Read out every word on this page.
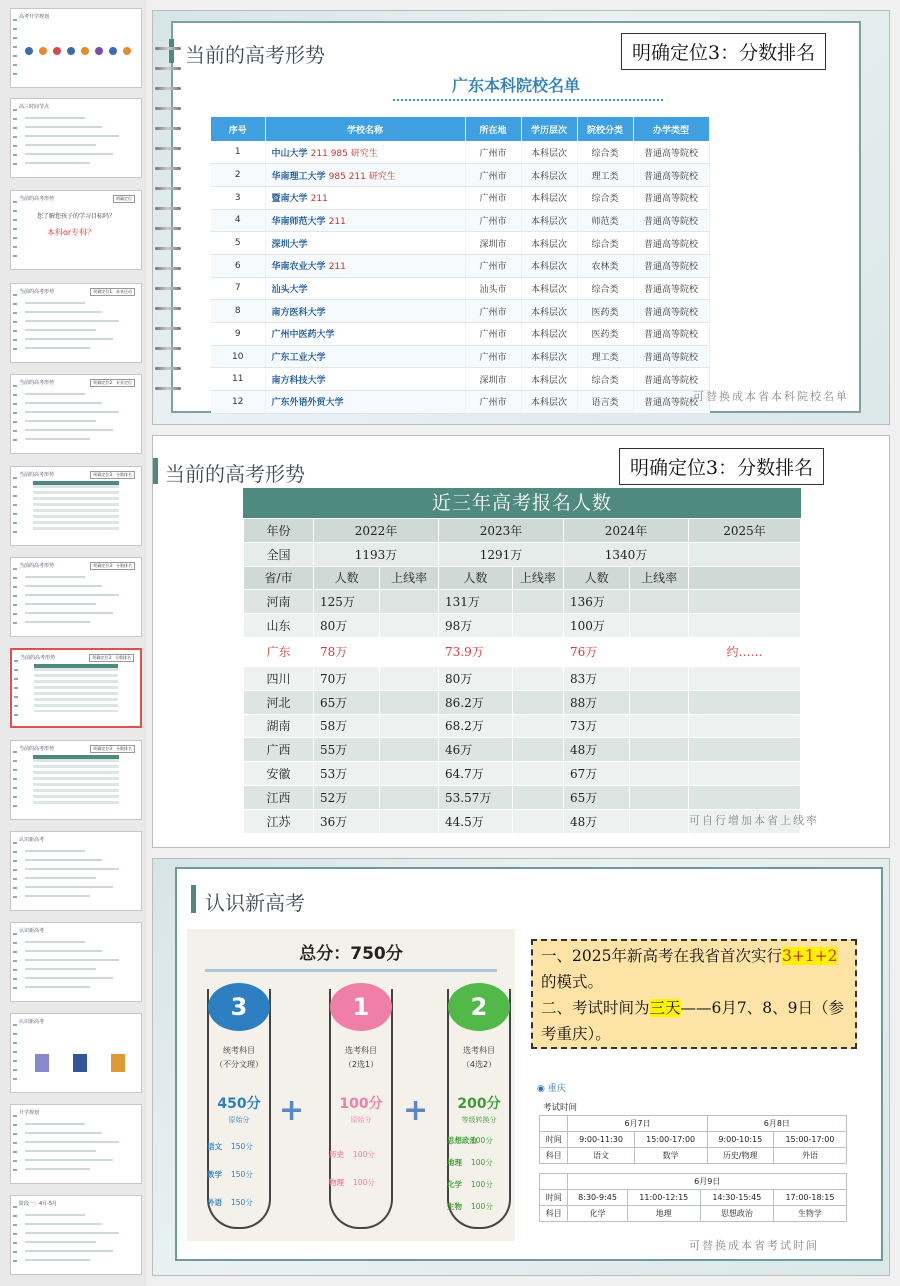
高考升学规划
高三时间节点
当前的高考形势	明确定位
您了解您孩子的学习目标吗？
本科or专科？
当前的高考形势	明确定位1：本来还动
当前的高考形势	明确定位2：专业定位
当前的高考形势	明确定位3：分数排名
当前的高考形势	明确定位3：分数排名
当前的高考形势	明确定位3：分数排名
当前的高考形势	明确定位3：分数排名
认识新高考
认识新高考
认识新高考
升学规划
阶段一：4月-5月
当前的高考形势	明确定位3：分数排名
广东本科院校名单
序号	学校名称	所在地	学历层次	院校分类	办学类型
1	中山大学 211 985 研究生	广州市	本科层次	综合类	普通高等院校
2	华南理工大学 985 211 研究生	广州市	本科层次	理工类	普通高等院校
3	暨南大学 211	广州市	本科层次	综合类	普通高等院校
4	华南师范大学 211	广州市	本科层次	师范类	普通高等院校
5	深圳大学	深圳市	本科层次	综合类	普通高等院校
6	华南农业大学 211	广州市	本科层次	农林类	普通高等院校
7	汕头大学	汕头市	本科层次	综合类	普通高等院校
8	南方医科大学	广州市	本科层次	医药类	普通高等院校
9	广州中医药大学	广州市	本科层次	医药类	普通高等院校
10	广东工业大学	广州市	本科层次	理工类	普通高等院校
11	南方科技大学	深圳市	本科层次	综合类	普通高等院校
12	广东外语外贸大学	广州市	本科层次	语言类	普通高等院校
可替换成本省本科院校名单
当前的高考形势	明确定位3：分数排名
近三年高考报名人数
年份	2022年		2023年		2024年		2025年
全国	1193万		1291万		1340万		
省/市	人数	上线率	人数	上线率	人数	上线率	
河南	125万		131万		136万		
山东	80万		98万		100万		
广东	78万		73.9万		76万		约……
四川	70万		80万		83万		
河北	65万		86.2万		88万		
湖南	58万		68.2万		73万		
广西	55万		46万		48万		
安徽	53万		64.7万		67万		
江西	52万		53.57万		65万		
江苏	36万		44.5万		48万			可自行增加本省上线率
认识新高考
总分：750分
3
统考科目
（不分文理）
450分
原始分
语文 150分
数学 150分
外语 150分
1
选考科目
（2选1）
100分
原始分
历史 100分
物理 100分
2
选考科目
（4选2）
200分
等级转换分
思想政治100分
地理 100分
化学 100分
生物 100分
+	+
一、2025年新高考在我省首次实行3+1+2的模式。
二、考试时间为三天——6月7、8、9日（参考重庆）。
◉ 重庆
考试时间
	6月7日		6月8日	
时间	9:00-11:30	15:00-17:00	9:00-10:15	15:00-17:00
科目	语文	数学	历史/物理	外语
	6月9日			
时间	8:30-9:45	11:00-12:15	14:30-15:45	17:00-18:15
科目	化学	地理	思想政治	生物学
可替换成本省考试时间
